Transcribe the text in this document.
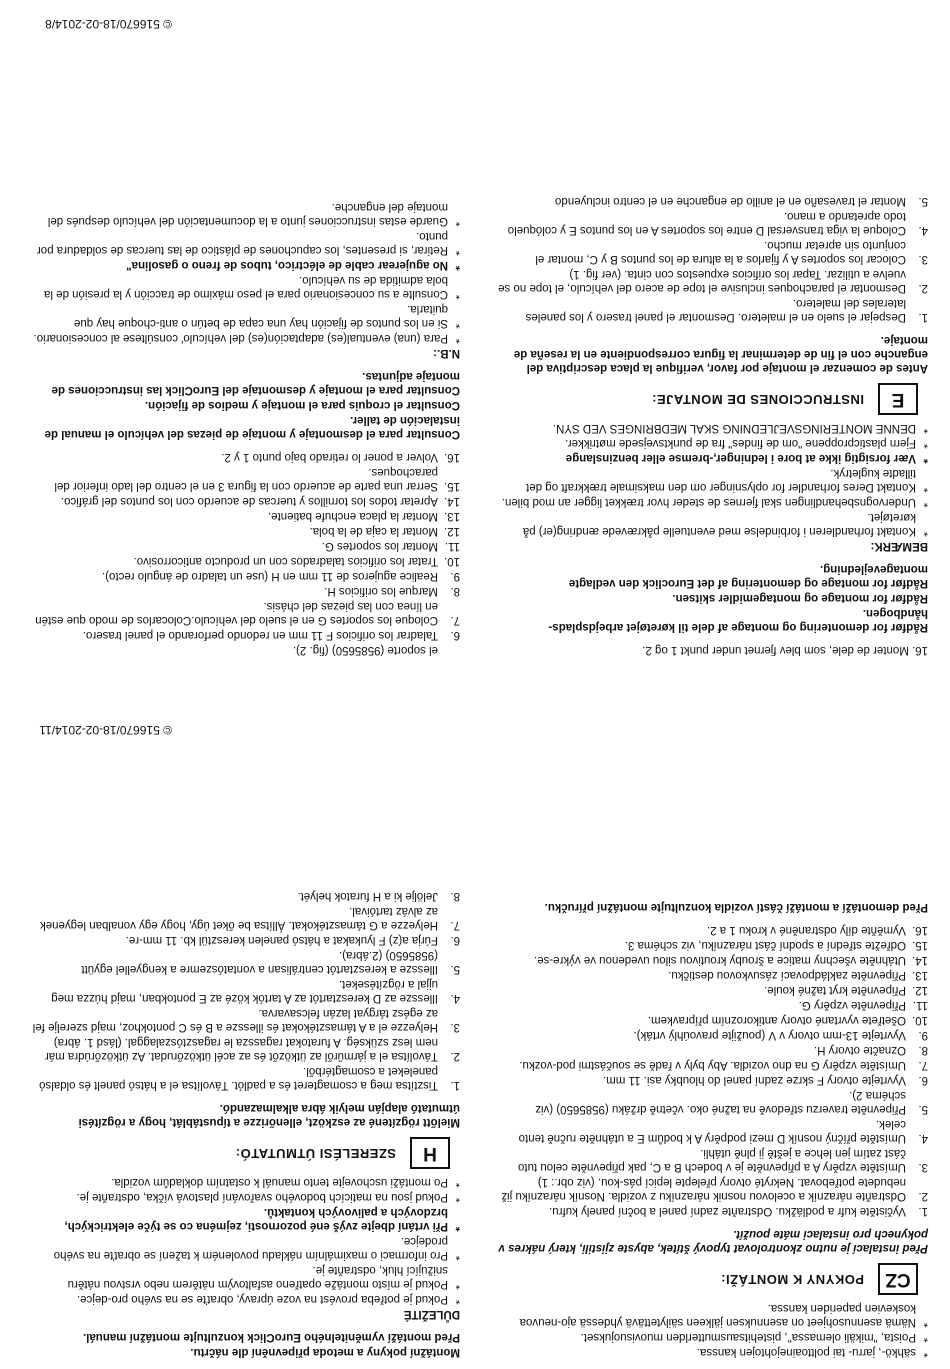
* sähkö-, jarru- tai polttoainejohtojen kanssa.
* Poista, "mikäli olemassa", pistehitsausmutterlden muovisuojukset.
* Nämä asennusohjeet on asennuksen jälkeen säilytettävä yhdessä ajo-neuvoa koskevien paperiden kanssa.
CZ
POKYNY K MONTÁŽI:

Před instalací je nutno zkontrolovat typový štítek, abyste zjistili, který nákres v pokynech pro instalaci máte použít.

1.
Vyčistěte kufr a podlážku. Odstraňte zadní panel a boční panely kufru.
2.
Odstraňte nárazník a ocelovou nosnik nárazníku z vozidla. Nosník nárazníku již nebudete potřebovat. Nekryté otvory přelepte lepicí pás-kou. (viz obr.: 1)
3.
Umístěte vzpěry A a připevněte je v bodech B a C, pak připevněte celou tuto část zatím jen lehce a ještě ji plně utáhli.
4.
Umístěte příčný nosník D mezi podpěry A k bodům E a utáhněte ručně tento celek.
5.
Připevněte traverzu středově na tažné oko. včetně držáku (9585650) (viz schéma 2).
6.
Vyvrtejte otvory F skrze zadní panel do hloubky asi. 11 mm.
7.
Umístěte vzpěry G na dno vozidla. Aby byly v řadě se součástmi pod-vozku.
8.
Označte otvory H.
9.
Vyvrtejte 13-mm otvory v V (použijte pravoúhlý vrták).
10.
Ošetřete vyvrtané otvory antikorozním přípravkem.
11.
Připevněte vzpěry G.
12.
Připevněte kryt tažné koule.
13.
Připevněte zakládpovací zásuvkovou destičku.
14.
Utáhněte všechny matice a šrouby kroutivou silou uvedenou ve výkre-se.
15.
Odřežte střední a spodní část nárazníku, viz schéma 3.
16.
Vyměňte díly odstraněné v kroku 1 a 2.

Před demontáží a montáží částí vozidla konzultujte montážní příručku.

Montážní pokyny a metoda připevnění dle náčrtu.

Před montáží vyměnitelného EuroClick konzultujte montážní manuál.

DŮLEŽITÉ

* Pokud je potřeba provést na voze úpravy, obraťte se na svého pro-dejce.
* Pokud je místo montáže opatřeno asfaltovým nátěrem nebo vrstvou nátěru snižující hluk, odstraňte je.
* Pro informaci o maximálním nákladu povoleném k tažení se obraťte na svého prodejce.
* Při vrtání dbejte zvýš ené pozornosti, zejména co se týče elektrických, brzdových a palivových kontaktů.
* Pokud jsou na maticích bodového svařování plastová víčka, odstraňte je.
* Po montáži uschovejte tento manuál k ostatním dokladům vozidla.
H
SZERELÉSI ÚTMUTATÓ:

Mielőtt rögzítené az eszközt, ellenőrizze a típustáblát, hogy a rögzítési útmutató alapján melyik ábra alkalmazandó.

1.
Tisztítsa meg a csomagteret és a padlót. Távolítsa el a hátsó panelt és oldalsó paneleket a csomagtérből.
2.
Távolítsa el a járműről az ütközőt és az acél ütközőrudat. Az ütközőrúdra már nem lesz szükség. A furatokat ragassza le ragasztószalaggal. (lásd 1. ábra)
3.
Helyezze el a A támasztékokat és illessze a B és C pontokhoz, majd szerelje fel az egész tárgyat lazán felcsavarva.
4.
Illessze az D keresztartót az A tartók közé az E pontokban, majd húzza meg ujjal a rögzítéseket.
5.
Illessze a keresztartót centrálisan a vontatószemre a kengyellel együtt (9585650) (2.ábra).
6.
Fúrja a(z) F lyukakat a hátsó panelen keresztül kb. 11 mm-re.
7.
Helyezze a G támasztékokat. Állítsa be őket úgy, hogy egy vonalban legyenek az alváz tartóival.
8.
Jelölje ki a H furatok helyét.
© 516670/18-02-2014/11

16. Monter de dele, som blev fjernet under punkt 1 og 2.

Rådfør for demontering og montage af dele til køretøjet arbejdsplads-håndbogen.

Rådfør for montage og montagemidler skitsen.

Rådfør for montage og demontering af det Euroclick den vedlagte montagevejledning.

BEMÆRK:

* Kontakt forhandleren i forbindelse med eventuelle påkrævede ændring(er) på køretøjet.
* Undervognsbehandlingen skal fjernes de steder hvor trækket ligger an mod bilen.
* Kontakt Deres forhandler for oplysninger om den maksimale trækkraft og det tilladte kugletryk.
* Vær forsigtig ikke at bore i ledninger,-bremse eller benzinslange
* Fjern plasticproppene "om de findes" fra de punktsvejsede møtrikker.
* DENNE MONTERINGSVEJLEDNING SKAL MEDBRINGES VED SYN.
E
INSTRUCCIONES DE MONTAJE:

Antes de comenzar el montaje por favor, verifique la placa descriptiva del enganche con el fin de determinar la figura correspondiente en la reseña de montaje.

1.
Despejar el suelo en el maletero. Desmontar el panel trasero y los paneles laterales del maletero.
2.
Desmontar el parachoques inclusive el tope de acero del vehículo, el tope no se vuelve a utilizar. Tapar los orificios expuestos con cinta. (ver fig. 1)
3.
Colocar los soportes A y fijarlos a la altura de los puntos B y C, montar el conjunto sin apretar mucho.
4.
Coloque la viga transversal D entre los soportes A en los puntos E y colóquelo todo apretando a mano.
5.
Montar el travesaño en el anillo de enganche en el centro incluyendo
el soporte (9585650) (fig. 2).
6.
Taladrar los orificios F 11 mm en redondo perforando el panel trasero.
7.
Coloque los soportes G en el suelo del vehículo.Colocarlos de modo que estén en línea con las piezas del chásis.
8.
Marque los orificios H.
9.
Realice agujeros de 11 mm en H (use un taladro de ángulo recto).
10.
Tratar los orificios taladrados con un producto anticorrosivo.
11.
Montar los soportes G.
12.
Montar la caja de la bola.
13.
Montar la placa enchufe batiente.
14.
Apretar todos los tornillos y tuercas de acuerdo con los puntos del gráfico.
15.
Serrar una parte de acuerdo con la figura 3 en el centro del lado inferior del parachoques.
16.
Volver a poner lo retirado bajo punto 1 y 2.

Consultar para el desmontaje y montaje de piezas del vehículo el manual de instalación de taller.

Consultar el croquis para el montaje y medios de fijación.

Consultar para el montaje y desmontaje del EuroClick las instrucciones de montaje adjuntas.

N.B.:

* Para (una) eventual(es) adaptación(es) del vehículo' consúltese al concesionario.
* Si en los puntos de fijación hay una capa de betún o anti-choque hay que quitarla.
* Consulte a su concesionario para el peso máximo de tracción y la presión de la bola admitida de su vehículo.
* No agujerear cable de eléctrico, tubos de freno o gasolina"
* Retirar, si presentes, los capuchones de plástico de las tuercas de soldadura por punto.
* Guarde estas instrucciones junto a la documentación del vehículo después del montaje del enganche.
© 516670/18-02-2014/8
